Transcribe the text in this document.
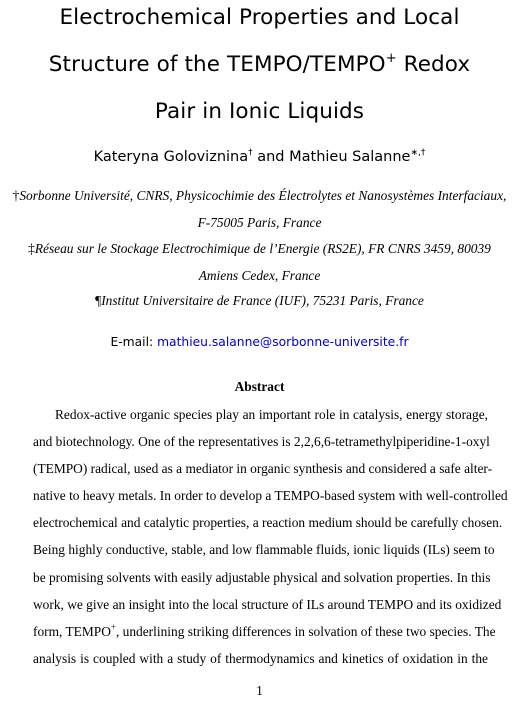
Electrochemical Properties and Local
Structure of the TEMPO/TEMPO+ Redox
Pair in Ionic Liquids
Kateryna Goloviznina† and Mathieu Salanne∗,†
†Sorbonne Université, CNRS, Physicochimie des Électrolytes et Nanosystèmes Interfaciaux,
F-75005 Paris, France
‡Réseau sur le Stockage Electrochimique de l’Energie (RS2E), FR CNRS 3459, 80039
Amiens Cedex, France
¶Institut Universitaire de France (IUF), 75231 Paris, France
E-mail: mathieu.salanne@sorbonne-universite.fr
Abstract
Redox-active organic species play an important role in catalysis, energy storage,
and biotechnology. One of the representatives is 2,2,6,6-tetramethylpiperidine-1-oxyl
(TEMPO) radical, used as a mediator in organic synthesis and considered a safe alter-
native to heavy metals. In order to develop a TEMPO-based system with well-controlled
electrochemical and catalytic properties, a reaction medium should be carefully chosen.
Being highly conductive, stable, and low flammable fluids, ionic liquids (ILs) seem to
be promising solvents with easily adjustable physical and solvation properties. In this
work, we give an insight into the local structure of ILs around TEMPO and its oxidized
form, TEMPO+, underlining striking differences in solvation of these two species. The
analysis is coupled with a study of thermodynamics and kinetics of oxidation in the
1
